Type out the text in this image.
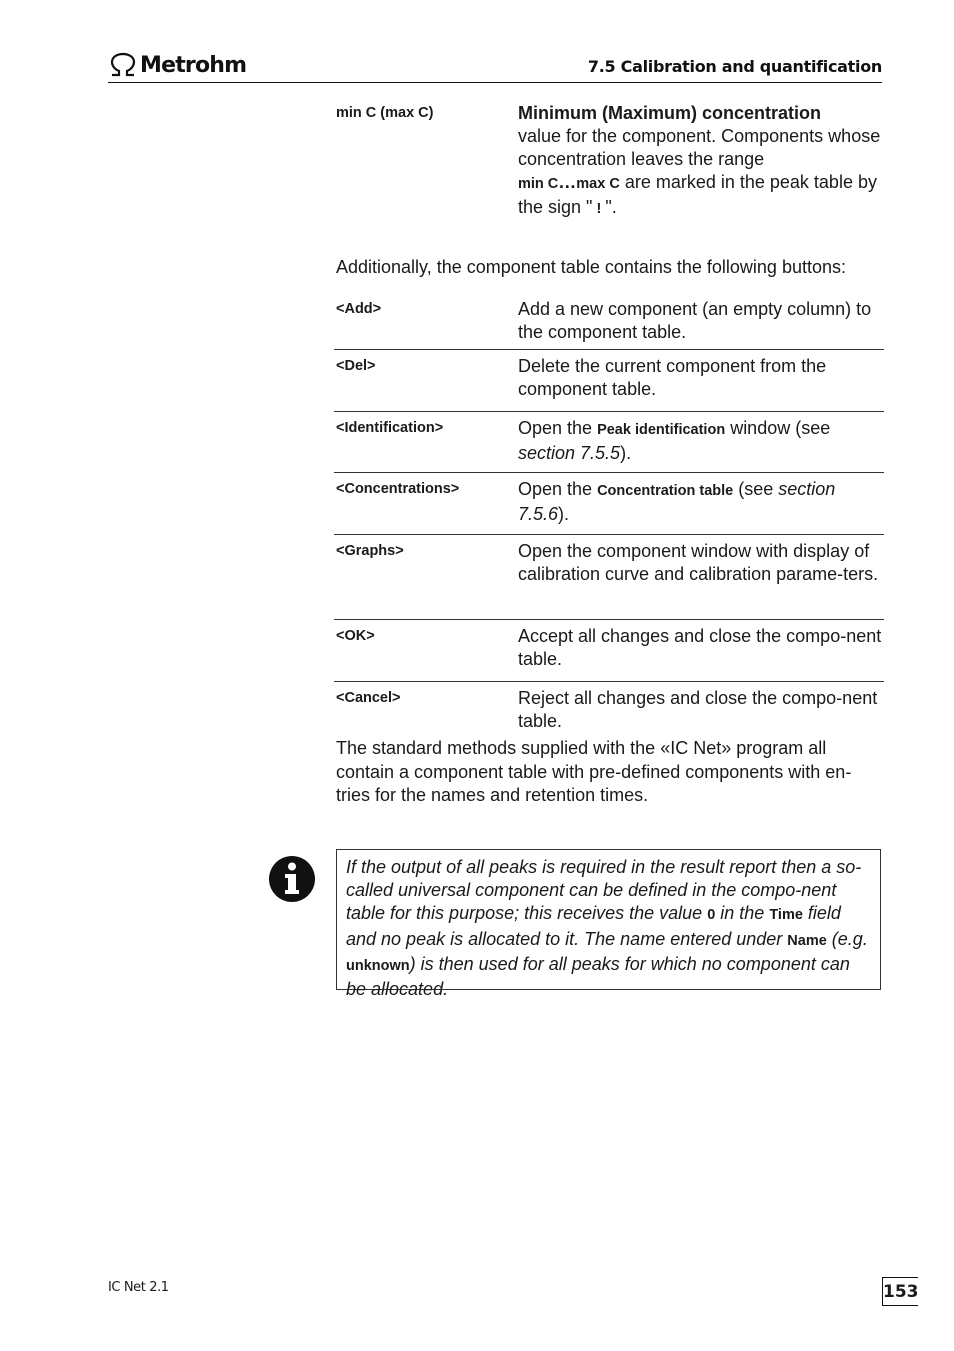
Metrohm	7.5 Calibration and quantification
min C (max C)	Minimum (Maximum) concentration
value for the component. Components whose concentration leaves the range
min C…max C are marked in the peak table by the sign " ! ".
Additionally, the component table contains the following buttons:
<Add>	Add a new component (an empty column) to the component table.
<Del>	Delete the current component from the component table.
<Identification>	Open the Peak identification window (see section 7.5.5).
<Concentrations>	Open the Concentration table (see section 7.5.6).
<Graphs>	Open the component window with display of calibration curve and calibration parame-ters.
<OK>	Accept all changes and close the compo-nent table.
<Cancel>	Reject all changes and close the compo-nent table.
The standard methods supplied with the «IC Net» program all contain a component table with pre-defined components with en-tries for the names and retention times.
If the output of all peaks is required in the result report then a so-called universal component can be defined in the compo-nent table for this purpose; this receives the value 0 in the Time field and no peak is allocated to it. The name entered under Name (e.g. unknown) is then used for all peaks for which no component can be allocated.
IC Net 2.1	153
